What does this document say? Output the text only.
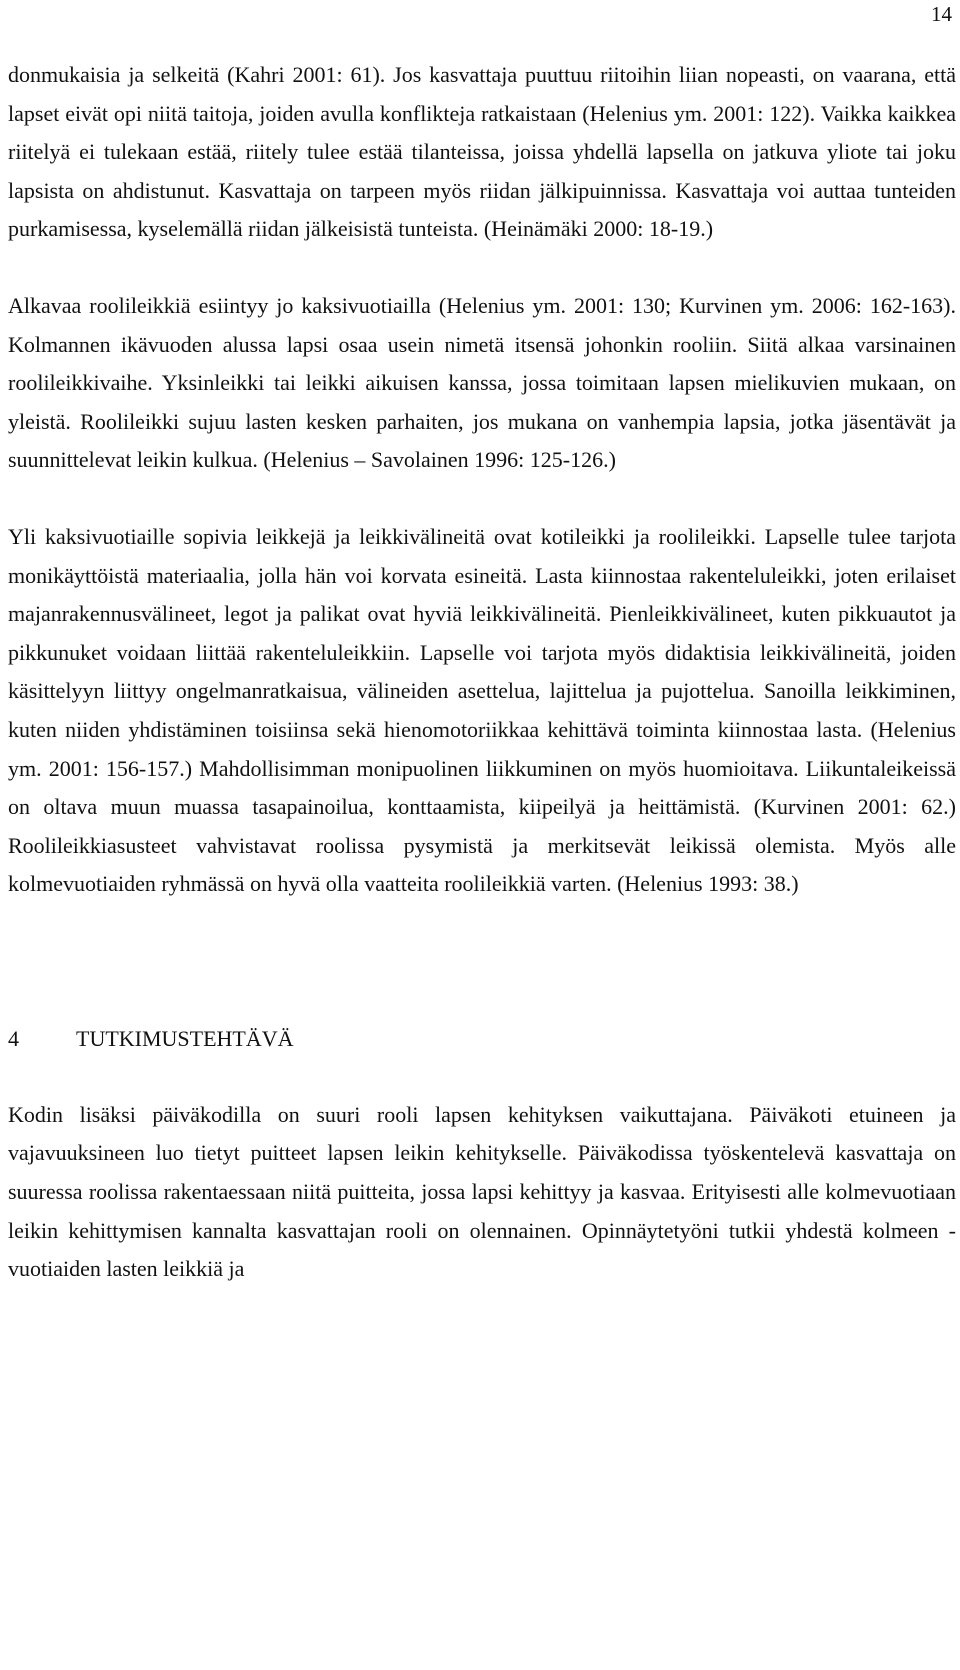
14

donmukaisia ja selkeitä (Kahri 2001: 61). Jos kasvattaja puuttuu riitoihin liian nopeasti, on vaarana, että lapset eivät opi niitä taitoja, joiden avulla konflikteja ratkaistaan (Helenius ym. 2001: 122). Vaikka kaikkea riitelyä ei tulekaan estää, riitely tulee estää tilanteissa, joissa yhdellä lapsella on jatkuva yliote tai joku lapsista on ahdistunut. Kasvattaja on tarpeen myös riidan jälkipuinnissa. Kasvattaja voi auttaa tunteiden purkamisessa, kyselemällä riidan jälkeisistä tunteista. (Heinämäki 2000: 18-19.)

Alkavaa roolileikkiä esiintyy jo kaksivuotiailla (Helenius ym. 2001: 130; Kurvinen ym. 2006: 162-163). Kolmannen ikävuoden alussa lapsi osaa usein nimetä itsensä johonkin rooliin. Siitä alkaa varsinainen roolileikkivaihe. Yksinleikki tai leikki aikuisen kanssa, jossa toimitaan lapsen mielikuvien mukaan, on yleistä. Roolileikki sujuu lasten kesken parhaiten, jos mukana on vanhempia lapsia, jotka jäsentävät ja suunnittelevat leikin kulkua. (Helenius – Savolainen 1996: 125-126.)

Yli kaksivuotiaille sopivia leikkejä ja leikkivälineitä ovat kotileikki ja roolileikki. Lapselle tulee tarjota monikäyttöistä materiaalia, jolla hän voi korvata esineitä. Lasta kiinnostaa rakenteluleikki, joten erilaiset majanrakennusvälineet, legot ja palikat ovat hyviä leikkivälineitä. Pienleikkivälineet, kuten pikkuautot ja pikkunuket voidaan liittää rakenteluleikkiin. Lapselle voi tarjota myös didaktisia leikkivälineitä, joiden käsittelyyn liittyy ongelmanratkaisua, välineiden asettelua, lajittelua ja pujottelua. Sanoilla leikkiminen, kuten niiden yhdistäminen toisiinsa sekä hienomotoriikkaa kehittävä toiminta kiinnostaa lasta. (Helenius ym. 2001: 156-157.) Mahdollisimman monipuolinen liikkuminen on myös huomioitava. Liikuntaleikeissä on oltava muun muassa tasapainoilua, konttaamista, kiipeilyä ja heittämistä. (Kurvinen 2001: 62.) Roolileikkiasusteet vahvistavat roolissa pysymistä ja merkitsevät leikissä olemista. Myös alle kolmevuotiaiden ryhmässä on hyvä olla vaatteita roolileikkiä varten. (Helenius 1993: 38.)

4	TUTKIMUSTEHTÄVÄ

Kodin lisäksi päiväkodilla on suuri rooli lapsen kehityksen vaikuttajana. Päiväkoti etuineen ja vajavuuksineen luo tietyt puitteet lapsen leikin kehitykselle. Päiväkodissa työskentelevä kasvattaja on suuressa roolissa rakentaessaan niitä puitteita, jossa lapsi kehittyy ja kasvaa. Erityisesti alle kolmevuotiaan leikin kehittymisen kannalta kasvattajan rooli on olennainen. Opinnäytetyöni tutkii yhdestä kolmeen -vuotiaiden lasten leikkiä ja
